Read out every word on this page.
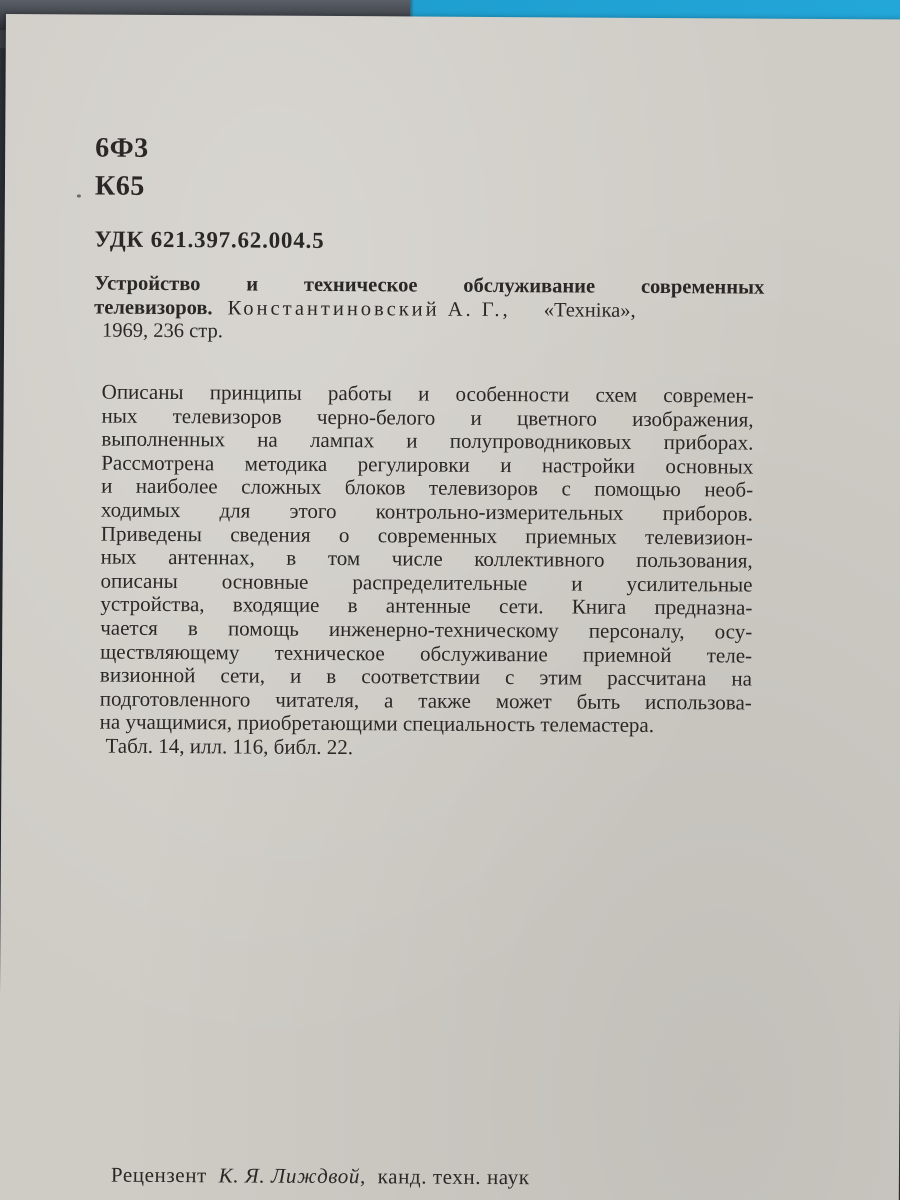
6Ф3
К65
УДК 621.397.62.004.5
Устройство и техническое обслуживание современных
телевизоров. Константиновский А. Г., «Техніка»,
1969, 236 стр.
Описаны принципы работы и особенности схем современ-
ных телевизоров черно-белого и цветного изображения,
выполненных на лампах и полупроводниковых приборах.
Рассмотрена методика регулировки и настройки основных
и наиболее сложных блоков телевизоров с помощью необ-
ходимых для этого контрольно-измерительных приборов.
Приведены сведения о современных приемных телевизион-
ных антеннах, в том числе коллективного пользования,
описаны основные распределительные и усилительные
устройства, входящие в антенные сети. Книга предназна-
чается в помощь инженерно-техническому персоналу, осу-
ществляющему техническое обслуживание приемной теле-
визионной сети, и в соответствии с этим рассчитана на
подготовленного читателя, а также может быть использова-
на учащимися, приобретающими специальность телемастера.
Табл. 14, илл. 116, библ. 22.
Рецензент К. Я. Лиждвой, канд. техн. наук
